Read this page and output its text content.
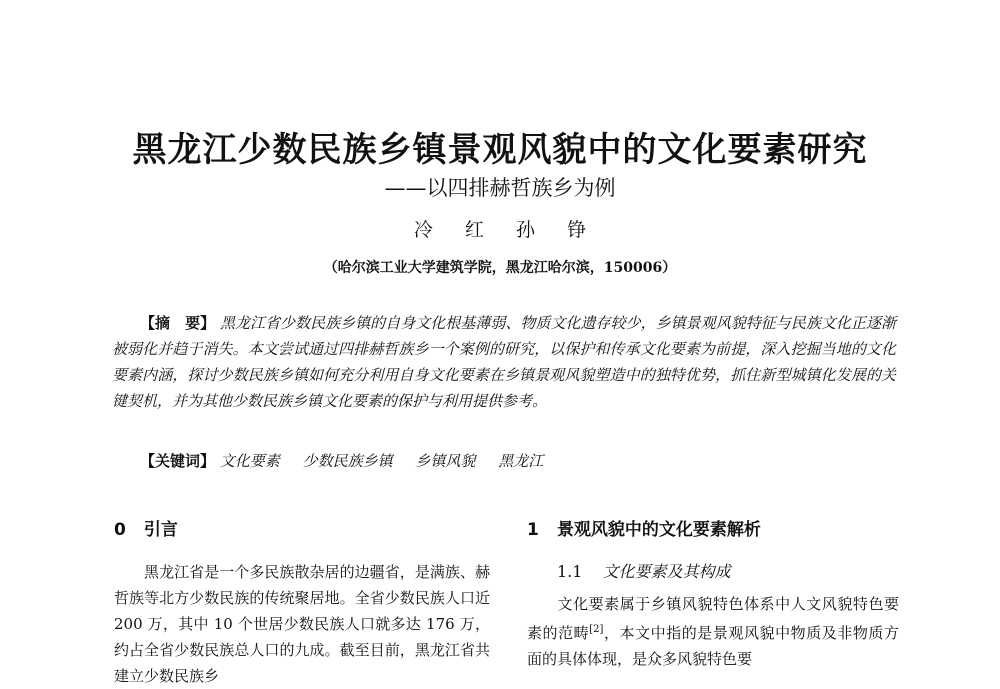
黑龙江少数民族乡镇景观风貌中的文化要素研究
——以四排赫哲族乡为例
冷 红 孙 铮
（哈尔滨工业大学建筑学院，黑龙江哈尔滨，150006）
【摘　要】 黑龙江省少数民族乡镇的自身文化根基薄弱、物质文化遗存较少，乡镇景观风貌特征与民族文化正逐渐被弱化并趋于消失。本文尝试通过四排赫哲族乡一个案例的研究，以保护和传承文化要素为前提，深入挖掘当地的文化要素内涵，探讨少数民族乡镇如何充分利用自身文化要素在乡镇景观风貌塑造中的独特优势，抓住新型城镇化发展的关键契机，并为其他少数民族乡镇文化要素的保护与利用提供参考。
【关键词】 文化要素 少数民族乡镇 乡镇风貌 黑龙江
0 引言

黑龙江省是一个多民族散杂居的边疆省，是满族、赫哲族等北方少数民族的传统聚居地。全省少数民族人口近 200 万，其中 10 个世居少数民族人口就多达 176 万，约占全省少数民族总人口的九成。截至目前，黑龙江省共建立少数民族乡

1 景观风貌中的文化要素解析
1.1 文化要素及其构成

文化要素属于乡镇风貌特色体系中人文风貌特色要素的范畴[2]，本文中指的是景观风貌中物质及非物质方面的具体体现，是众多风貌特色要
